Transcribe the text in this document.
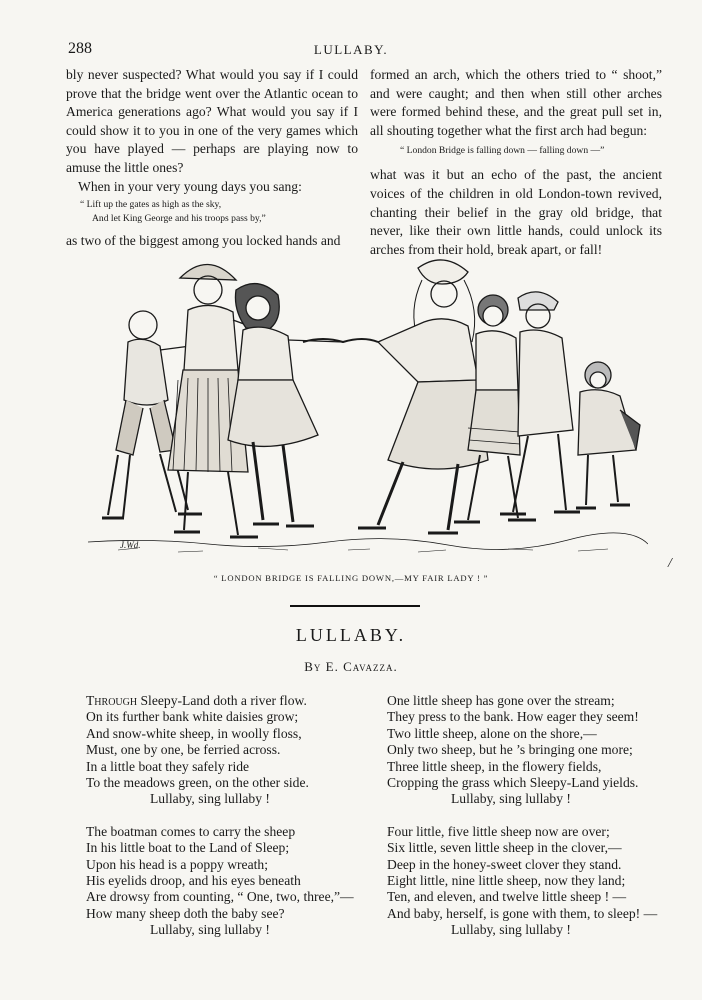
288	LULLABY.

bly never suspected? What would you say if I could prove that the bridge went over the Atlantic ocean to America generations ago? What would you say if I could show it to you in one of the very games which you have played — perhaps are playing now to amuse the little ones?

When in your very young days you sang:

“ Lift up the gates as high as the sky,
And let King George and his troops pass by,”

as two of the biggest among you locked hands and

formed an arch, which the others tried to “ shoot,” and were caught; and then when still other arches were formed behind these, and the great pull set in, all shouting together what the first arch had begun:

“ London Bridge is falling down — falling down —”

what was it but an echo of the past, the ancient voices of the children in old London-town revived, chanting their belief in the gray old bridge, that never, like their own little hands, could unlock its arches from their hold, break apart, or fall!

J.Wd.
“ LONDON BRIDGE IS FALLING DOWN,—MY FAIR LADY ! ”
/
LULLABY.
By E. Cavazza.
Through Sleepy-Land doth a river flow.
On its further bank white daisies grow;
And snow-white sheep, in woolly floss,
Must, one by one, be ferried across.
In a little boat they safely ride
To the meadows green, on the other side.
Lullaby, sing lullaby !
The boatman comes to carry the sheep
In his little boat to the Land of Sleep;
Upon his head is a poppy wreath;
His eyelids droop, and his eyes beneath
Are drowsy from counting, “ One, two, three,”—
How many sheep doth the baby see?
Lullaby, sing lullaby !
One little sheep has gone over the stream;
They press to the bank. How eager they seem!
Two little sheep, alone on the shore,—
Only two sheep, but he ’s bringing one more;
Three little sheep, in the flowery fields,
Cropping the grass which Sleepy-Land yields.
Lullaby, sing lullaby !
Four little, five little sheep now are over;
Six little, seven little sheep in the clover,—
Deep in the honey-sweet clover they stand.
Eight little, nine little sheep, now they land;
Ten, and eleven, and twelve little sheep ! —
And baby, herself, is gone with them, to sleep! —
Lullaby, sing lullaby !
